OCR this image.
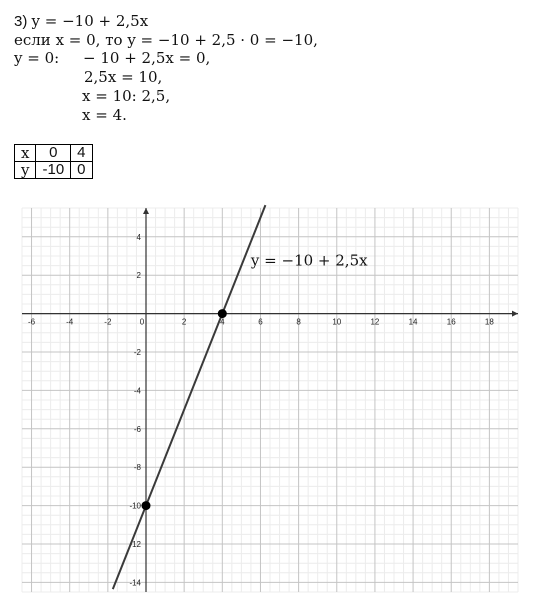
3) y = −10 + 2,5x
если x = 0, то y = −10 + 2,5 · 0 = −10,
y = 0: − 10 + 2,5x = 0,
2,5x = 10,
x = 10: 2,5,
x = 4.
x	0	4
y	-10	0
-6	-4	-2	0	2	4	6	8	10	12	14	16	18
4
2
-2
-4
-6
-8
-10
-12
-14
y = −10 + 2,5x
